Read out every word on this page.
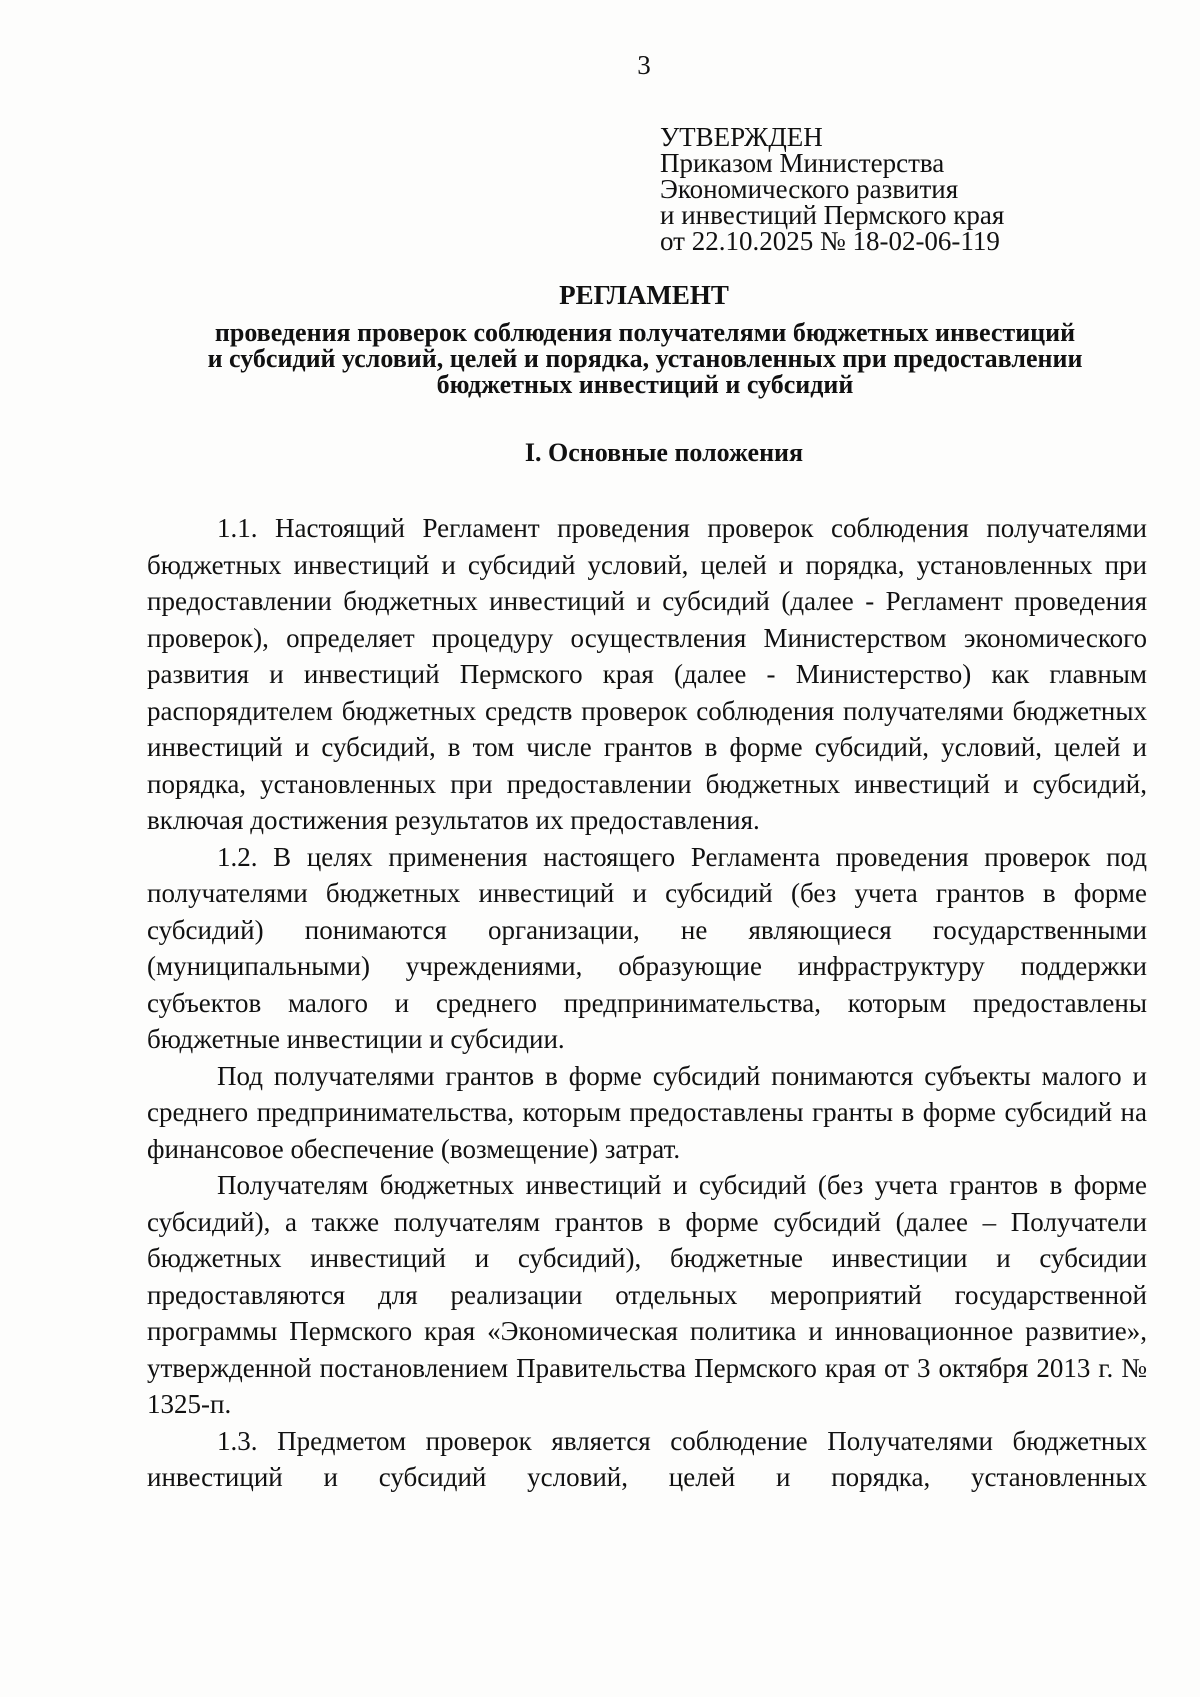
3
УТВЕРЖДЕН
Приказом Министерства
Экономического развития
и инвестиций Пермского края
от 22.10.2025 № 18-02-06-119
РЕГЛАМЕНТ
проведения проверок соблюдения получателями бюджетных инвестиций
и субсидий условий, целей и порядка, установленных при предоставлении
бюджетных инвестиций и субсидий
I. Основные положения

1.1. Настоящий Регламент проведения проверок соблюдения получателями бюджетных инвестиций и субсидий условий, целей и порядка, установленных при предоставлении бюджетных инвестиций и субсидий (далее - Регламент проведения проверок), определяет процедуру осуществления Министерством экономического развития и инвестиций Пермского края (далее - Министерство) как главным распорядителем бюджетных средств проверок соблюдения получателями бюджетных инвестиций и субсидий, в том числе грантов в форме субсидий, условий, целей и порядка, установленных при предоставлении бюджетных инвестиций и субсидий, включая достижения результатов их предоставления.

1.2. В целях применения настоящего Регламента проведения проверок под получателями бюджетных инвестиций и субсидий (без учета грантов в форме субсидий) понимаются организации, не являющиеся государственными (муниципальными) учреждениями, образующие инфраструктуру поддержки субъектов малого и среднего предпринимательства, которым предоставлены бюджетные инвестиции и субсидии.

Под получателями грантов в форме субсидий понимаются субъекты малого и среднего предпринимательства, которым предоставлены гранты в форме субсидий на финансовое обеспечение (возмещение) затрат.

Получателям бюджетных инвестиций и субсидий (без учета грантов в форме субсидий), а также получателям грантов в форме субсидий (далее – Получатели бюджетных инвестиций и субсидий), бюджетные инвестиции и субсидии предоставляются для реализации отдельных мероприятий государственной программы Пермского края «Экономическая политика и инновационное развитие», утвержденной постановлением Правительства Пермского края от 3 октября 2013 г. № 1325-п.

1.3. Предметом проверок является соблюдение Получателями бюджетных инвестиций и субсидий условий, целей и порядка, установленных
